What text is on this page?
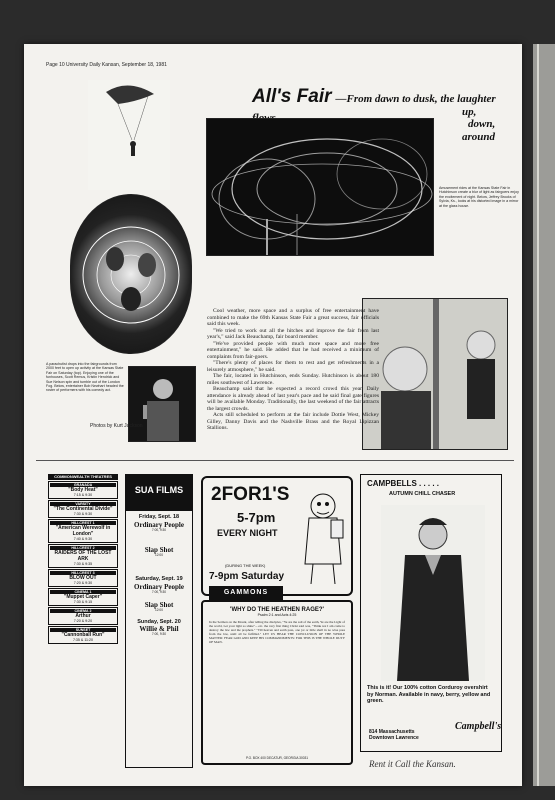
Page 10 University Daily Kansan, September 18, 1981
All's Fair —From dawn to dusk, the laughter
up,
down,
around
Amusement rides at the Kansas State Fair in Hutchinson create a blur of light as fairgoers enjoy the excitement of night. Below, Jeffrey Brooks of Sylvia, Ks., looks at his distorted image in a mirror at the glass house.
A parachutist drops into the fairgrounds from 2000 feet to open up activity at the Kansas State Fair on Saturday (top). Enjoying one of the funhouses, Scott Remus, Kristin Hendrick and Sue Nelson spin and tumble out of the London Fog. Below, entertainer Bob Newhart headed the roster of performers with his comedy act.

Cool weather, more space and a surplus of free entertainment have combined to make the 69th Kansas State Fair a great success, fair officials said this week.

"We tried to work out all the hitches and improve the fair from last year's," said Jack Beauchamp, fair board member.

"We've provided people with much more space and more free entertainment," he said. He added that he had received a minimum of complaints from fair-goers.

"There's plenty of places for them to rest and get refreshments in a leisurely atmosphere," he said.

The fair, located in Hutchinson, ends Sunday. Hutchinson is about 180 miles southwest of Lawrence.

Beauchamp said that he expected a record crowd this year. Daily attendance is already ahead of last year's pace and he said final gate figures will be available Monday. Traditionally, the last weekend of the fair attracts the largest crowds.

Acts still scheduled to perform at the fair include Dottie West, Mickey Gilley, Danny Davis and the Nashville Brass and the Royal Lipizzan Stallions.

Photos by Kurt Jackson
COMMONWEALTH THEATRES
GRANADA
"Body Heat"
7:15 & 9:30
VARSITY
"The Continental Divide"
7:30 & 9:30
HILLCREST 1
"American Werewolf in London"
7:40 & 9:30
HILLCREST 2
RAIDERS OF THE LOST ARK
7:30 & 9:35
HILLCREST 3
BLOW OUT
7:20 & 9:30
CINEMA 1
"Muppet Caper"
7:30 & 9:15
CINEMA 2
Arthur
7:20 & 9:20
SUNSET
"Cannonball Run"
7:35 & 11:20
SUA FILMS
Friday, Sept. 18
Ordinary People
7:00, 9:30
Slap Shot
12:00
Saturday, Sept. 19
Ordinary People
7:00, 9:30
Slap Shot
12:00
Sunday, Sept. 20
Willie & Phil
7:00, 9:30
2FOR1'S
5-7pm
EVERY NIGHT
(DURING THE WEEK)
7-9pm Saturday
GAMMONS
'WHY DO THE HEATHEN RAGE?'
Psalm 2:1 and Acts 4:25
In the Sermon on the Mount, after telling the disciples, "Ye are the salt of the earth, Ye are the Light of the world, Let your light so shine"... etc. the very first thing Christ said was, "Think not I am come to destroy the law and the prophets." "Till heaven and earth pass, one jot or tittle shall in no wise pass from the law, until all be fulfilled." LET US HEAR THE CONCLUSION OF THE WHOLE MATTER: FEAR GOD AND KEEP HIS COMMANDMENTS: FOR THIS IS THE WHOLE DUTY OF MAN.
P.O. BOX 400 DECATUR, GEORGIA 30031
CAMPBELLS . . . . .
AUTUMN CHILL CHASER
This is it! Our 100% cotton Corduroy overshirt by Norman. Available in navy, berry, yellow and green.
814 Massachusetts
Downtown Lawrence
Campbell's
Rent it Call the Kansan.
